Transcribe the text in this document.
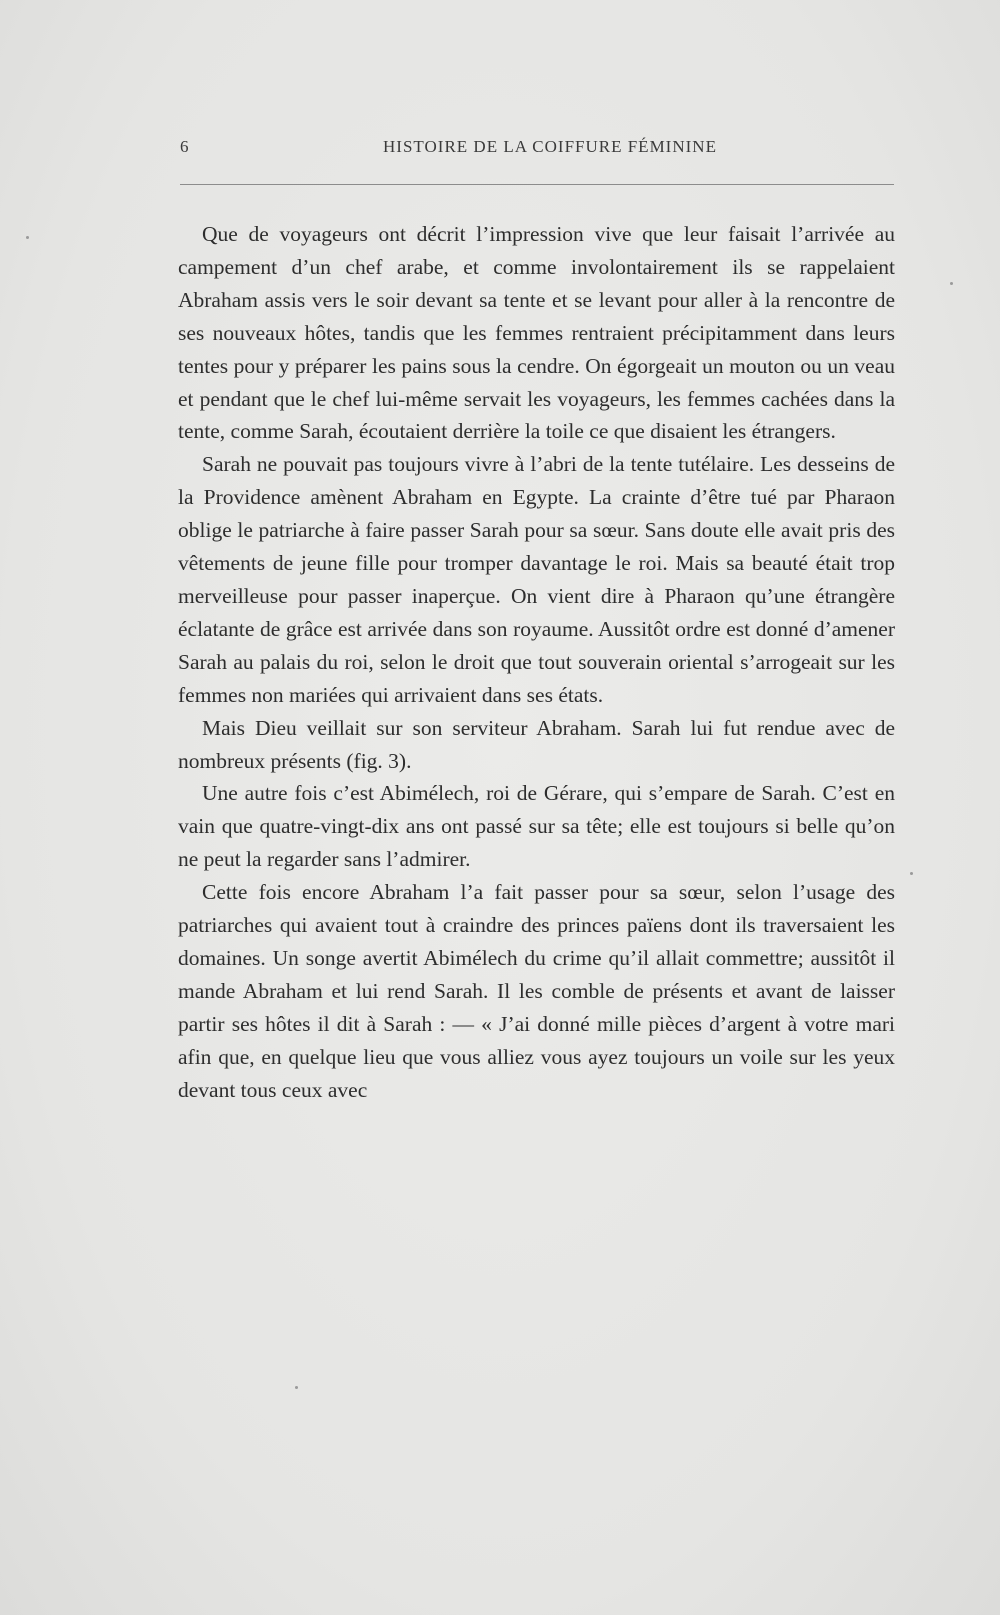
6	HISTOIRE DE LA COIFFURE FÉMININE

Que de voyageurs ont décrit l’impression vive que leur faisait l’arrivée au campement d’un chef arabe, et comme involontairement ils se rappelaient Abraham assis vers le soir devant sa tente et se levant pour aller à la rencontre de ses nouveaux hôtes, tandis que les femmes rentraient précipitamment dans leurs tentes pour y préparer les pains sous la cendre. On égorgeait un mouton ou un veau et pendant que le chef lui-même servait les voyageurs, les femmes cachées dans la tente, comme Sarah, écoutaient derrière la toile ce que disaient les étrangers.

Sarah ne pouvait pas toujours vivre à l’abri de la tente tutélaire. Les desseins de la Providence amènent Abraham en Egypte. La crainte d’être tué par Pharaon oblige le patriarche à faire passer Sarah pour sa sœur. Sans doute elle avait pris des vêtements de jeune fille pour tromper davantage le roi. Mais sa beauté était trop merveilleuse pour passer inaperçue. On vient dire à Pharaon qu’une étrangère éclatante de grâce est arrivée dans son royaume. Aussitôt ordre est donné d’amener Sarah au palais du roi, selon le droit que tout souverain oriental s’arrogeait sur les femmes non mariées qui arrivaient dans ses états.

Mais Dieu veillait sur son serviteur Abraham. Sarah lui fut rendue avec de nombreux présents (fig. 3).

Une autre fois c’est Abimélech, roi de Gérare, qui s’empare de Sarah. C’est en vain que quatre-vingt-dix ans ont passé sur sa tête; elle est toujours si belle qu’on ne peut la regarder sans l’admirer.

Cette fois encore Abraham l’a fait passer pour sa sœur, selon l’usage des patriarches qui avaient tout à craindre des princes païens dont ils traversaient les domaines. Un songe avertit Abimélech du crime qu’il allait commettre; aussitôt il mande Abraham et lui rend Sarah. Il les comble de présents et avant de laisser partir ses hôtes il dit à Sarah : — « J’ai donné mille pièces d’argent à votre mari afin que, en quelque lieu que vous alliez vous ayez toujours un voile sur les yeux devant tous ceux avec
